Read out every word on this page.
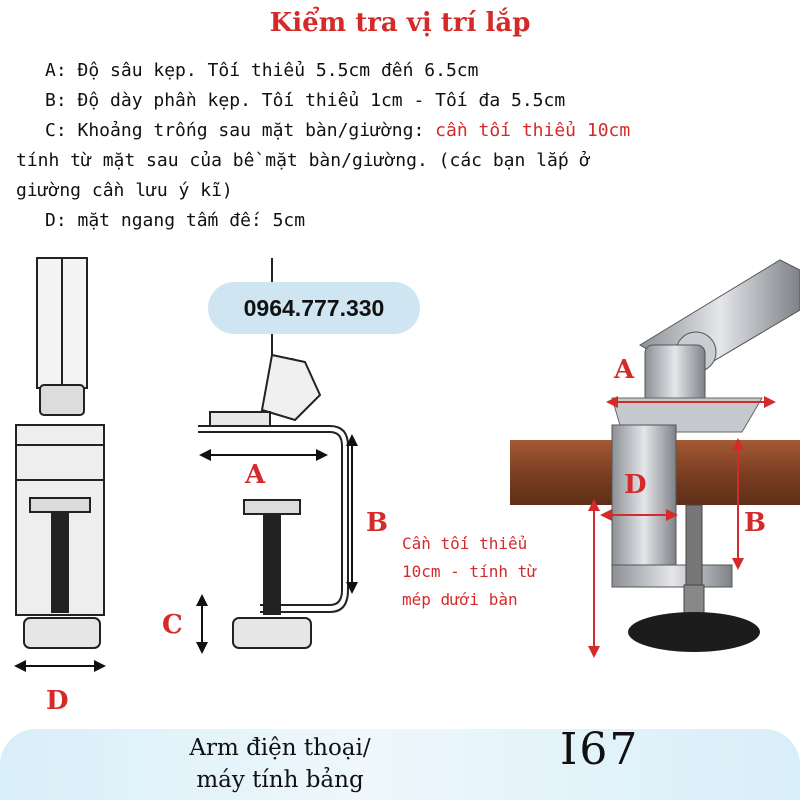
Kiểm tra vị trí lắp
A: Độ sâu kẹp. Tối thiểu 5.5cm đến 6.5cm
B: Độ dày phần kẹp. Tối thiểu 1cm - Tối đa 5.5cm
C: Khoảng trống sau mặt bàn/giường: cần tối thiểu 10cm
tính từ mặt sau của bề mặt bàn/giường. (các bạn lắp ở
giường cần lưu ý kĩ)
D: mặt ngang tấm đế: 5cm
0964.777.330
A
B
C
D
A
B
D
Cần tối thiểu
10cm - tính từ
mép dưới bàn
Arm điện thoại/
máy tính bảng
I67
